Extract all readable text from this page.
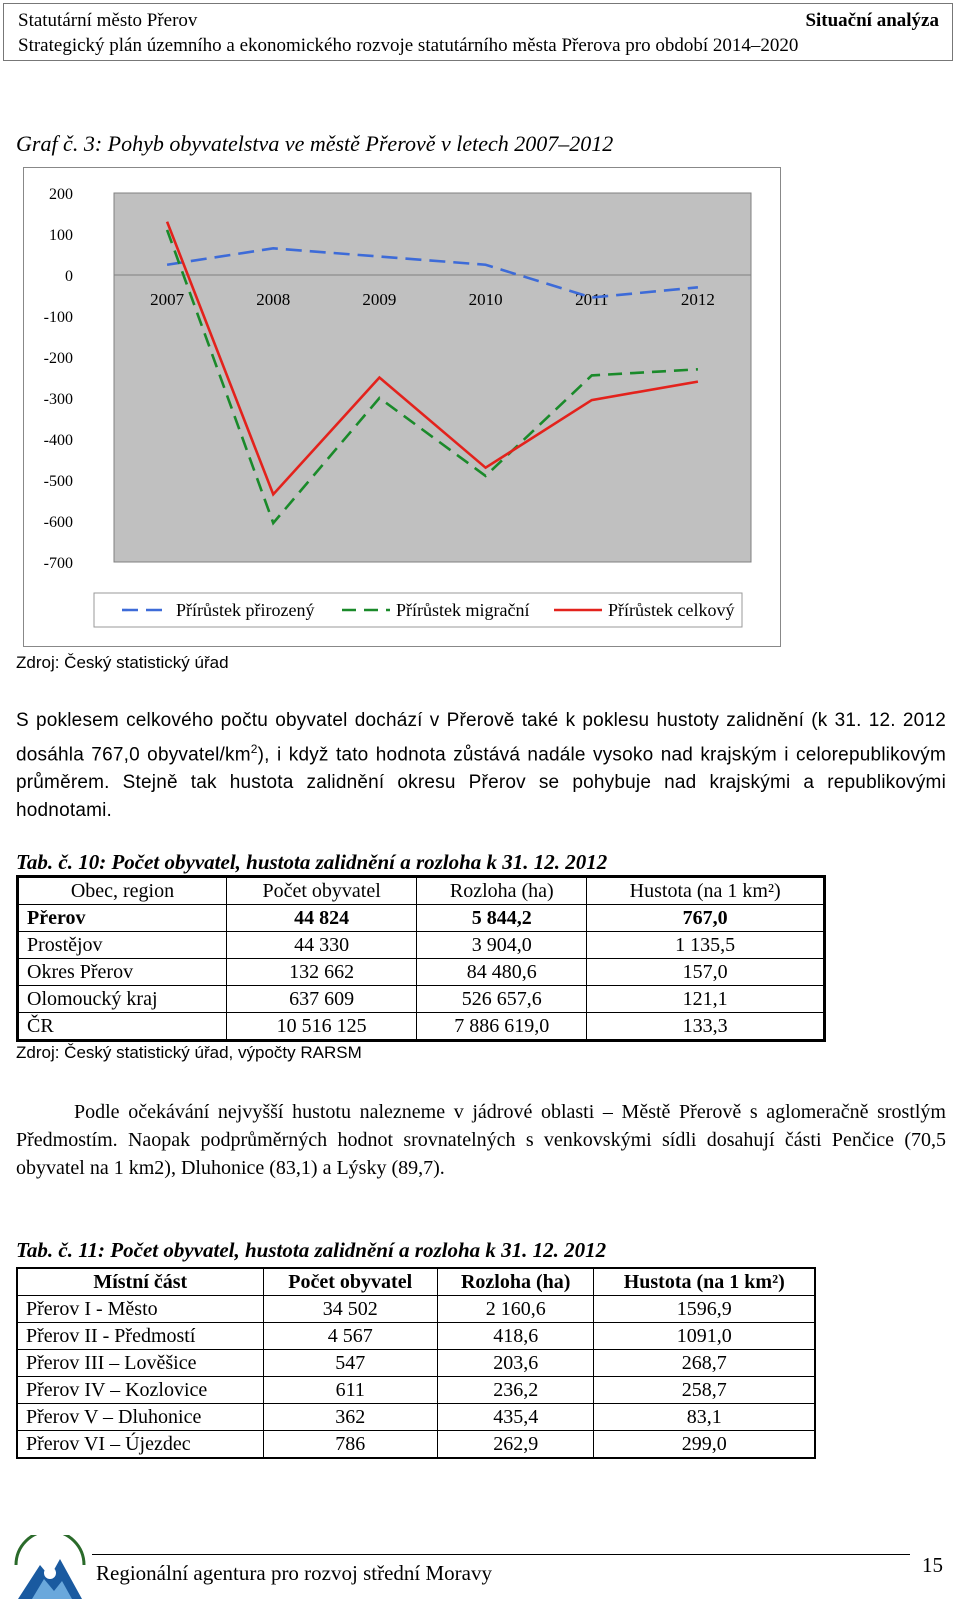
Statutární město Přerov	Situační analýza
Strategický plán územního a ekonomického rozvoje statutárního města Přerova pro období 2014–2020
Graf č. 3: Pohyb obyvatelstva ve městě Přerově v letech 2007–2012
200
100
0
-100
-200
-300
-400
-500
-600
-700
2007	2008	2009	2010	2011	2012
Přírůstek přirozený	Přírůstek migrační	Přírůstek celkový
Zdroj: Český statistický úřad
S poklesem celkového počtu obyvatel dochází v Přerově také k poklesu hustoty zalidnění (k 31. 12. 2012 dosáhla 767,0 obyvatel/$km^2$), i když tato hodnota zůstává nadále vysoko nad krajským i celorepublikovým průměrem. Stejně tak hustota zalidnění okresu Přerov se pohybuje nad krajskými a republikovými hodnotami.
Tab. č. 10: Počet obyvatel, hustota zalidnění a rozloha k 31. 12. 2012
Obec, region	Počet obyvatel	Rozloha (ha)	Hustota (na 1 km²)
Přerov	44 824	5 844,2	767,0
Prostějov	44 330	3 904,0	1 135,5
Okres Přerov	132 662	84 480,6	157,0
Olomoucký kraj	637 609	526 657,6	121,1
ČR	10 516 125	7 886 619,0	133,3
Zdroj: Český statistický úřad, výpočty RARSM
Podle očekávání nejvyšší hustotu nalezneme v jádrové oblasti – Městě Přerově s aglomeračně srostlým Předmostím. Naopak podprůměrných hodnot srovnatelných s venkovskými sídli dosahují části Penčice (70,5 obyvatel na 1 km2), Dluhonice (83,1) a Lýsky (89,7).
Tab. č. 11: Počet obyvatel, hustota zalidnění a rozloha k 31. 12. 2012
Místní část	Počet obyvatel	Rozloha (ha)	Hustota (na 1 km²)
Přerov I - Město	34 502	2 160,6	1596,9
Přerov II - Předmostí	4 567	418,6	1091,0
Přerov III – Lověšice	547	203,6	268,7
Přerov IV – Kozlovice	611	236,2	258,7
Přerov V – Dluhonice	362	435,4	83,1
Přerov VI – Újezdec	786	262,9	299,0
Regionální agentura pro rozvoj střední Moravy	15
